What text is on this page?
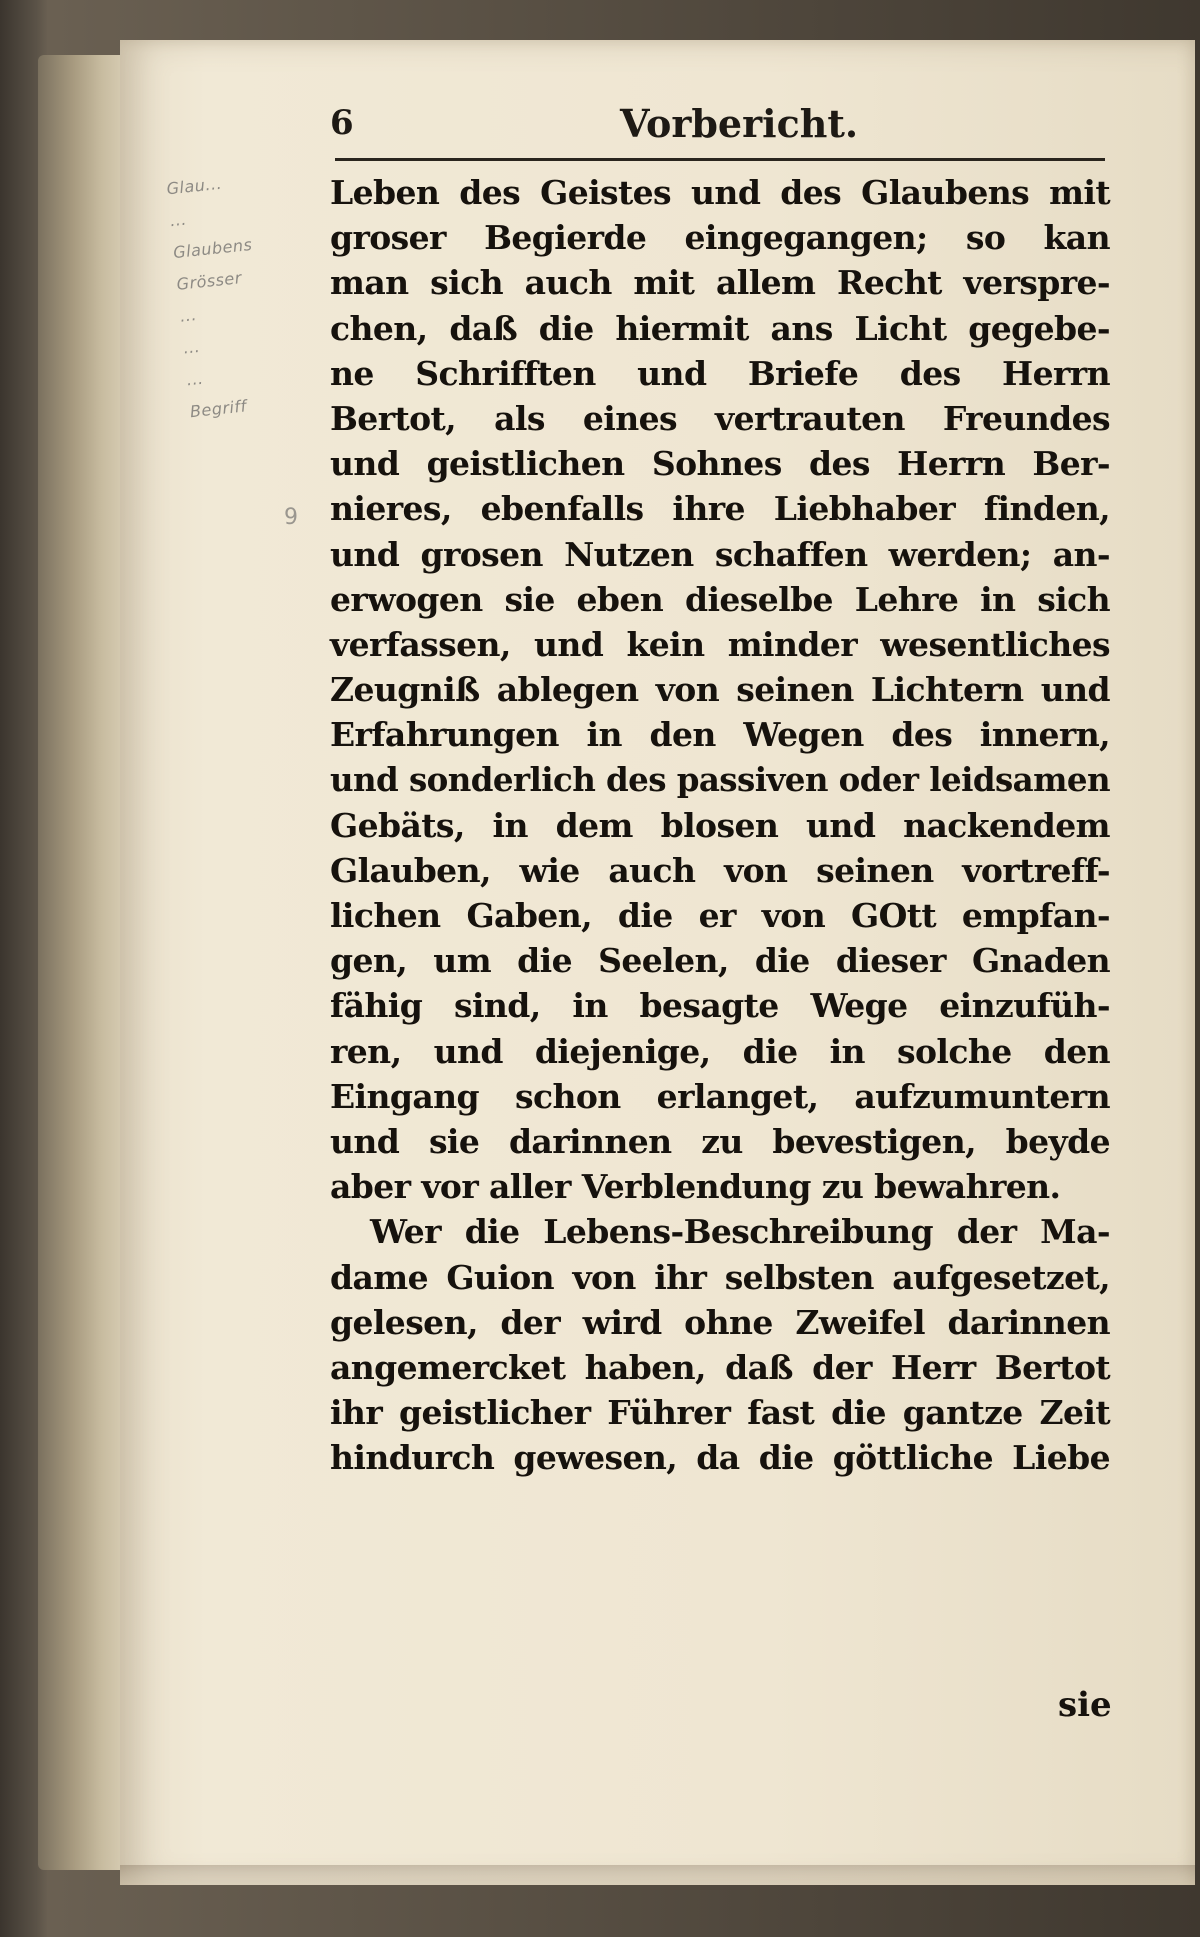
Glau...
...
Glaubens
Grösser
...
...
...
Begriff
9
6	Vorbericht.
Leben des Geistes und des Glaubens mit
groser Begierde eingegangen; so kan
man sich auch mit allem Recht verspre-
chen, daß die hiermit ans Licht gegebe-
ne Schrifften und Briefe des Herrn
Bertot, als eines vertrauten Freundes
und geistlichen Sohnes des Herrn Ber-
nieres, ebenfalls ihre Liebhaber finden,
und grosen Nutzen schaffen werden; an-
erwogen sie eben dieselbe Lehre in sich
verfassen, und kein minder wesentliches
Zeugniß ablegen von seinen Lichtern und
Erfahrungen in den Wegen des innern,
und sonderlich des passiven oder leidsamen
Gebäts, in dem blosen und nackendem
Glauben, wie auch von seinen vortreff-
lichen Gaben, die er von GOtt empfan-
gen, um die Seelen, die dieser Gnaden
fähig sind, in besagte Wege einzufüh-
ren, und diejenige, die in solche den
Eingang schon erlanget, aufzumuntern
und sie darinnen zu bevestigen, beyde
aber vor aller Verblendung zu bewahren.
Wer die Lebens-Beschreibung der Ma-
dame Guion von ihr selbsten aufgesetzet,
gelesen, der wird ohne Zweifel darinnen
angemercket haben, daß der Herr Bertot
ihr geistlicher Führer fast die gantze Zeit
hindurch gewesen, da die göttliche Liebe
sie
